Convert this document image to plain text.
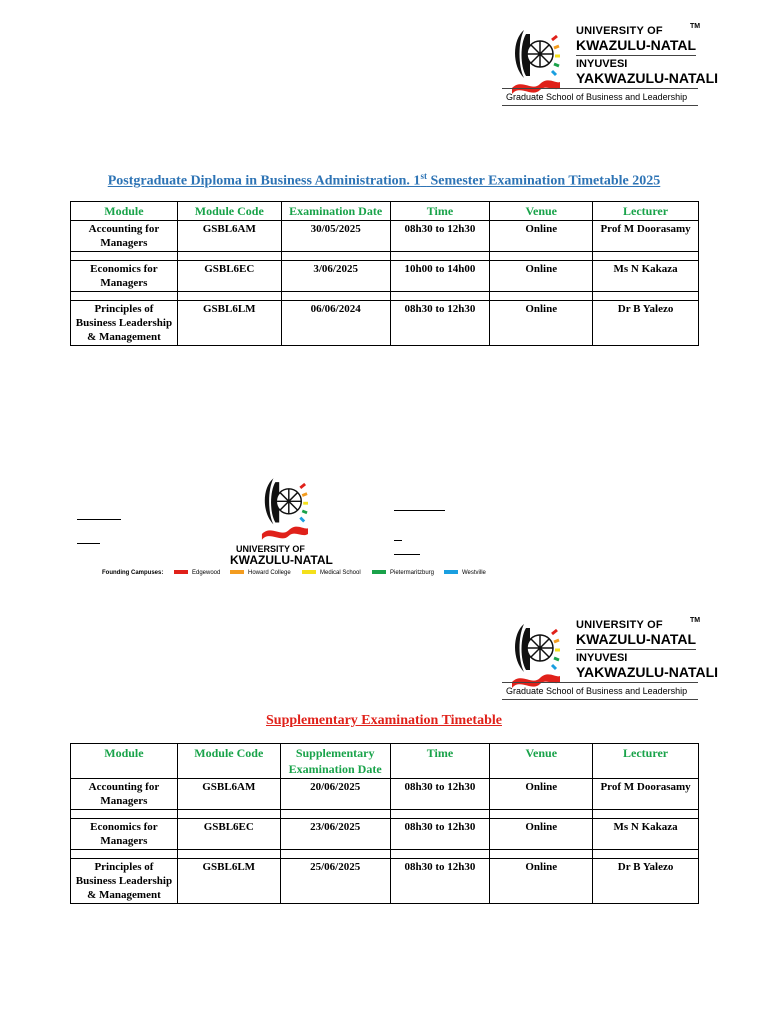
UNIVERSITY OF	TM
KWAZULU-NATAL
INYUVESI
YAKWAZULU-NATALI
Graduate School of Business and Leadership
Postgraduate Diploma in Business Administration. 1st Semester Examination Timetable 2025
Module	Module Code	Examination Date	Time	Venue	Lecturer
Accounting for Managers	GSBL6AM	30/05/2025	08h30 to 12h30	Online	Prof M Doorasamy

Economics for Managers	GSBL6EC	3/06/2025	10h00 to 14h00	Online	Ms N Kakaza

Principles of Business Leadership & Management	GSBL6LM	06/06/2024	08h30 to 12h30	Online	Dr B Yalezo
UNIVERSITY OF
KWAZULU-NATAL
Founding Campuses:	Edgewood	Howard College	Medical School	Pietermaritzburg	Westville
UNIVERSITY OF	TM
KWAZULU-NATAL
INYUVESI
YAKWAZULU-NATALI
Graduate School of Business and Leadership
Supplementary Examination Timetable
Module	Module Code	Supplementary Examination Date	Time	Venue	Lecturer
Accounting for Managers	GSBL6AM	20/06/2025	08h30 to 12h30	Online	Prof M Doorasamy

Economics for Managers	GSBL6EC	23/06/2025	08h30 to 12h30	Online	Ms N Kakaza

Principles of Business Leadership & Management	GSBL6LM	25/06/2025	08h30 to 12h30	Online	Dr B Yalezo
